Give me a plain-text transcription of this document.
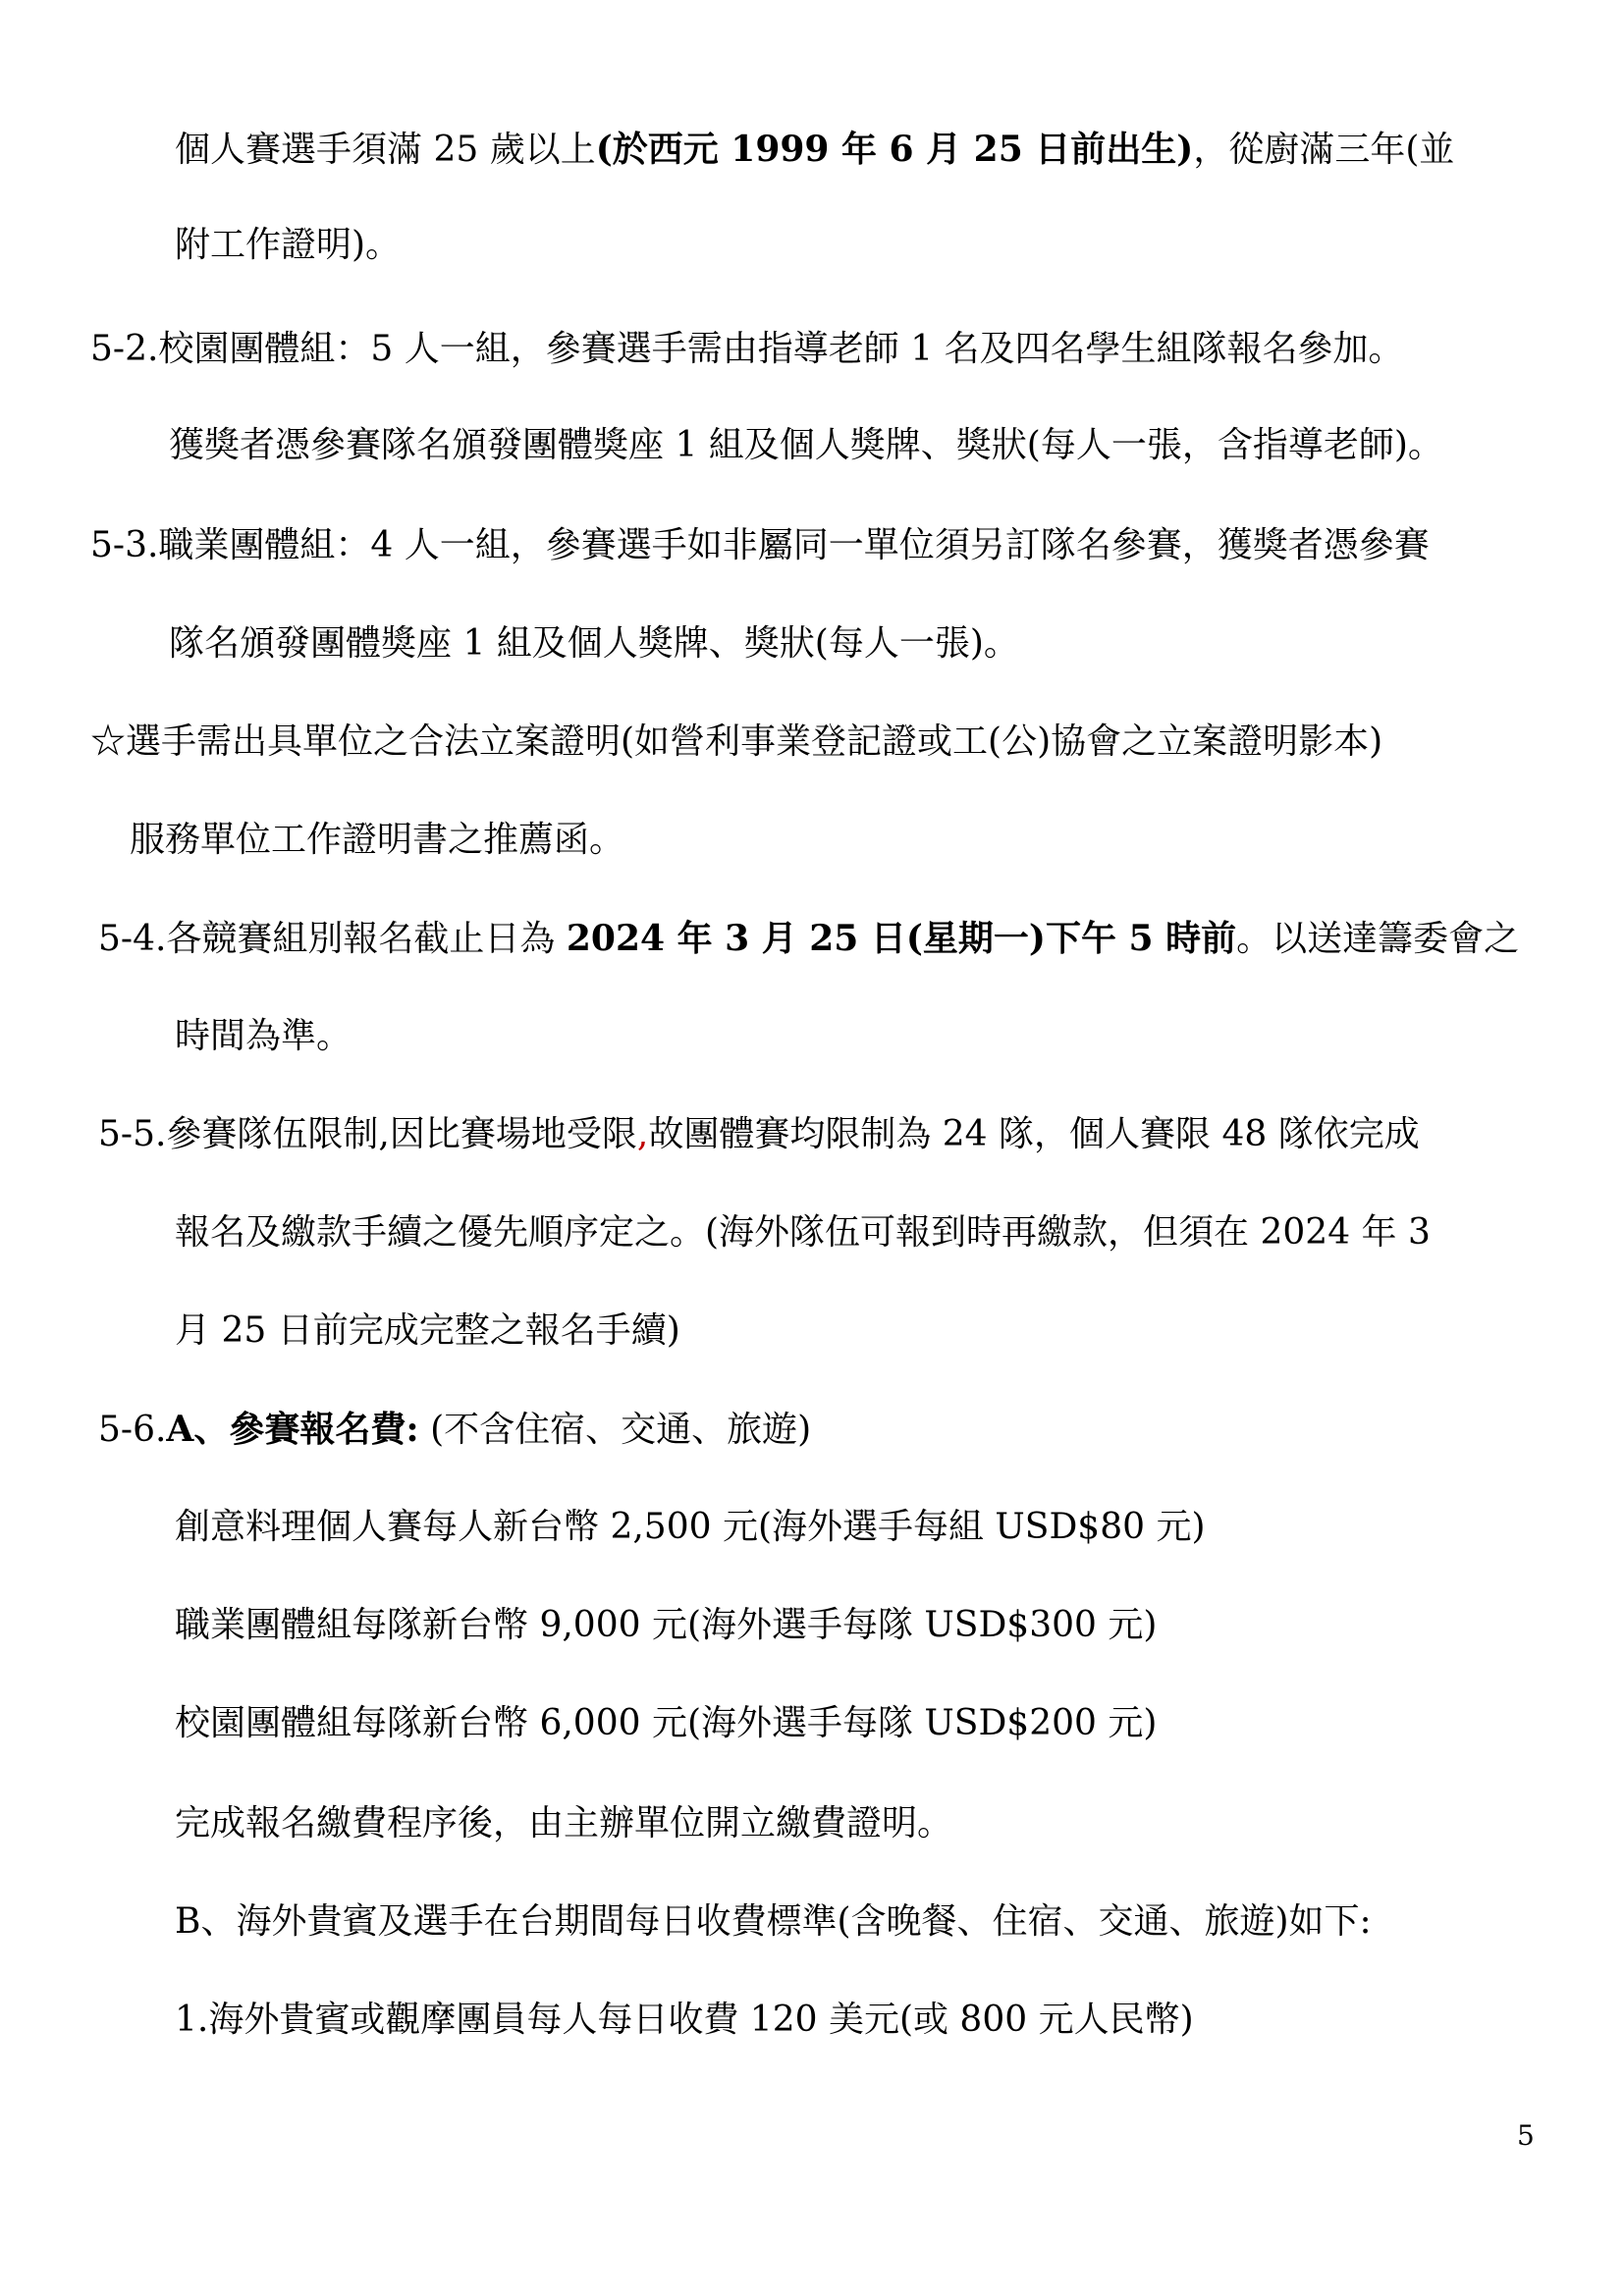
個人賽選手須滿 25 歲以上(於西元 1999 年 6 月 25 日前出生)，從廚滿三年(並
附工作證明)。
5-2.校園團體組：5 人一組，參賽選手需由指導老師 1 名及四名學生組隊報名參加。
獲獎者憑參賽隊名頒發團體獎座 1 組及個人獎牌、獎狀(每人一張，含指導老師)。
5-3.職業團體組：4 人一組，參賽選手如非屬同一單位須另訂隊名參賽，獲獎者憑參賽
隊名頒發團體獎座 1 組及個人獎牌、獎狀(每人一張)。
☆選手需出具單位之合法立案證明(如營利事業登記證或工(公)協會之立案證明影本)
服務單位工作證明書之推薦函。
5-4.各競賽組別報名截止日為 2024 年 3 月 25 日(星期一)下午 5 時前。以送達籌委會之
時間為準。
5-5.參賽隊伍限制,因比賽場地受限,故團體賽均限制為 24 隊，個人賽限 48 隊依完成
報名及繳款手續之優先順序定之。(海外隊伍可報到時再繳款，但須在 2024 年 3
月 25 日前完成完整之報名手續)
5-6.A、參賽報名費: (不含住宿、交通、旅遊)
創意料理個人賽每人新台幣 2,500 元(海外選手每組 USD$80 元)
職業團體組每隊新台幣 9,000 元(海外選手每隊 USD$300 元)
校園團體組每隊新台幣 6,000 元(海外選手每隊 USD$200 元)
完成報名繳費程序後，由主辦單位開立繳費證明。
B、海外貴賓及選手在台期間每日收費標準(含晚餐、住宿、交通、旅遊)如下:
1.海外貴賓或觀摩團員每人每日收費 120 美元(或 800 元人民幣)
5
